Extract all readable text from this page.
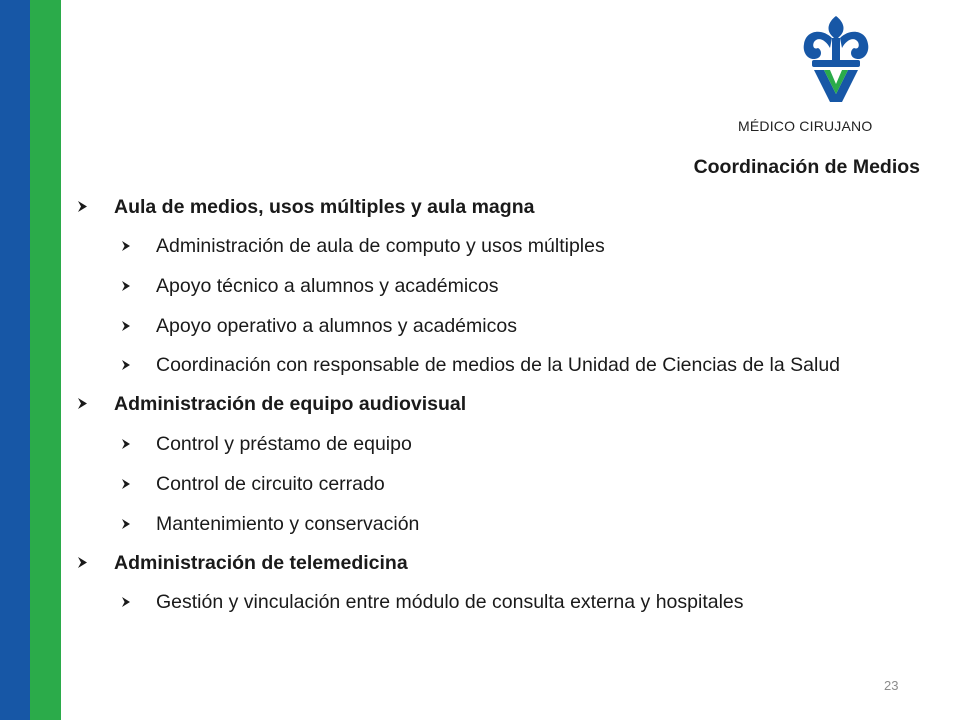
MÉDICO CIRUJANO
Coordinación de Medios
Aula de medios, usos múltiples y aula magna
Administración de aula de computo y usos múltiples
Apoyo técnico a alumnos y académicos
Apoyo operativo a alumnos y académicos
Coordinación con responsable de medios de la Unidad de Ciencias de la Salud
Administración de equipo audiovisual
Control y préstamo de equipo
Control de circuito cerrado
Mantenimiento y conservación
Administración de telemedicina
Gestión y vinculación entre módulo de consulta externa y hospitales
23
